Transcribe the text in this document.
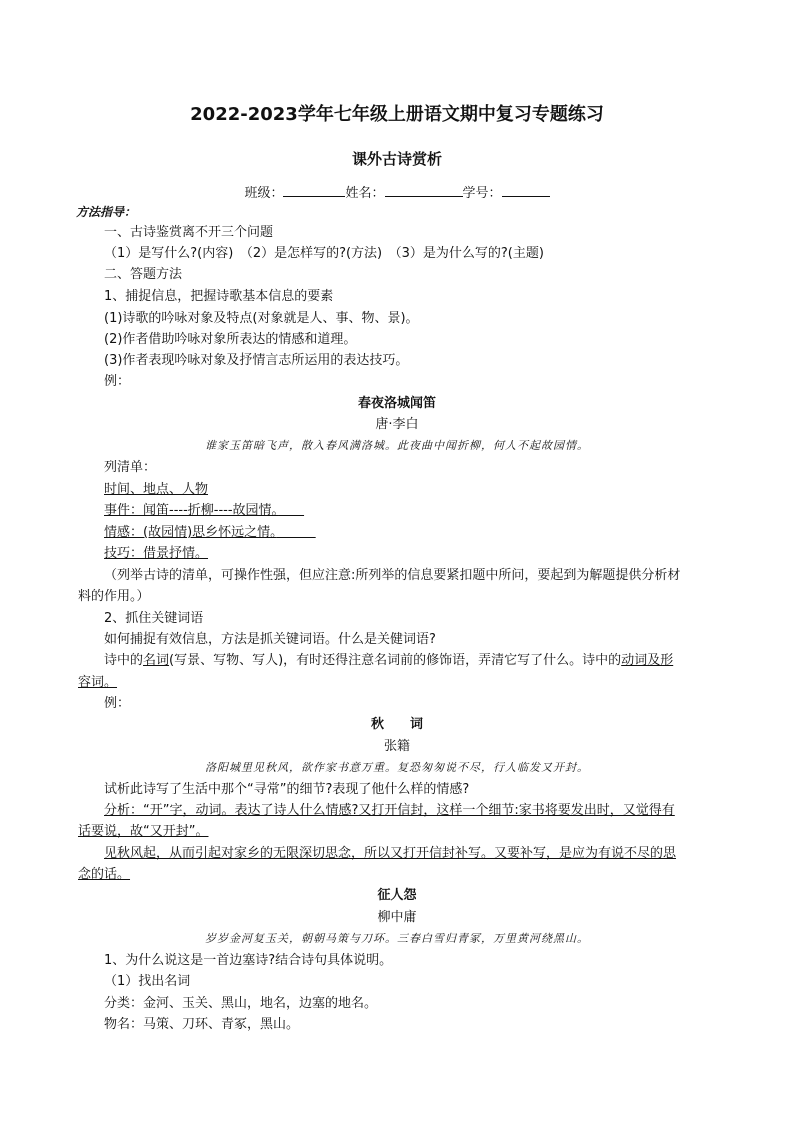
2022-2023学年七年级上册语文期中复习专题练习
课外古诗赏析
班级：	姓名：	学号：
方法指导：
一、古诗鉴赏离不开三个问题
（1）是写什么?(内容)　（2）是怎样写的?(方法)　（3）是为什么写的?(主题)
二、答题方法
1、捕捉信息，把握诗歌基本信息的要素
(1)诗歌的吟咏对象及特点(对象就是人、事、物、景)。
(2)作者借助吟咏对象所表达的情感和道理。
(3)作者表现吟咏对象及抒情言志所运用的表达技巧。
例：
春夜洛城闻笛
唐·李白
谁家玉笛暗飞声，散入春风满洛城。此夜曲中闻折柳，何人不起故园情。
列清单：
时间、地点、人物
事件：闻笛----折柳----故园情。　　
情感：(故园情)思乡怀远之情。　　　
技巧：借景抒情。
（列举古诗的清单，可操作性强，但应注意:所列举的信息要紧扣题中所问，要起到为解题提供分析材
料的作用。）
2、抓住关键词语
如何捕捉有效信息，方法是抓关键词语。什么是关健词语?
诗中的名词(写景、写物、写人)，有时还得注意名词前的修饰语，弄清它写了什么。诗中的动词及形
容词。
例：
秋　　词
张籍
洛阳城里见秋风，欲作家书意万重。复恐匆匆说不尽，行人临发又开封。
试析此诗写了生活中那个“寻常”的细节?表现了他什么样的情感?
分析：“开”字，动词。表达了诗人什么情感?又打开信封，这样一个细节:家书将要发出时，又觉得有
话要说，故“又开封”。
见秋风起，从而引起对家乡的无限深切思念，所以又打开信封补写。又要补写，是应为有说不尽的思
念的话。
征人怨
柳中庸
岁岁金河复玉关，朝朝马策与刀环。三春白雪归青冢，万里黄河绕黑山。
1、为什么说这是一首边塞诗?结合诗句具体说明。
（1）找出名词
分类：金河、玉关、黑山，地名，边塞的地名。
物名：马策、刀环、青冢，黑山。
